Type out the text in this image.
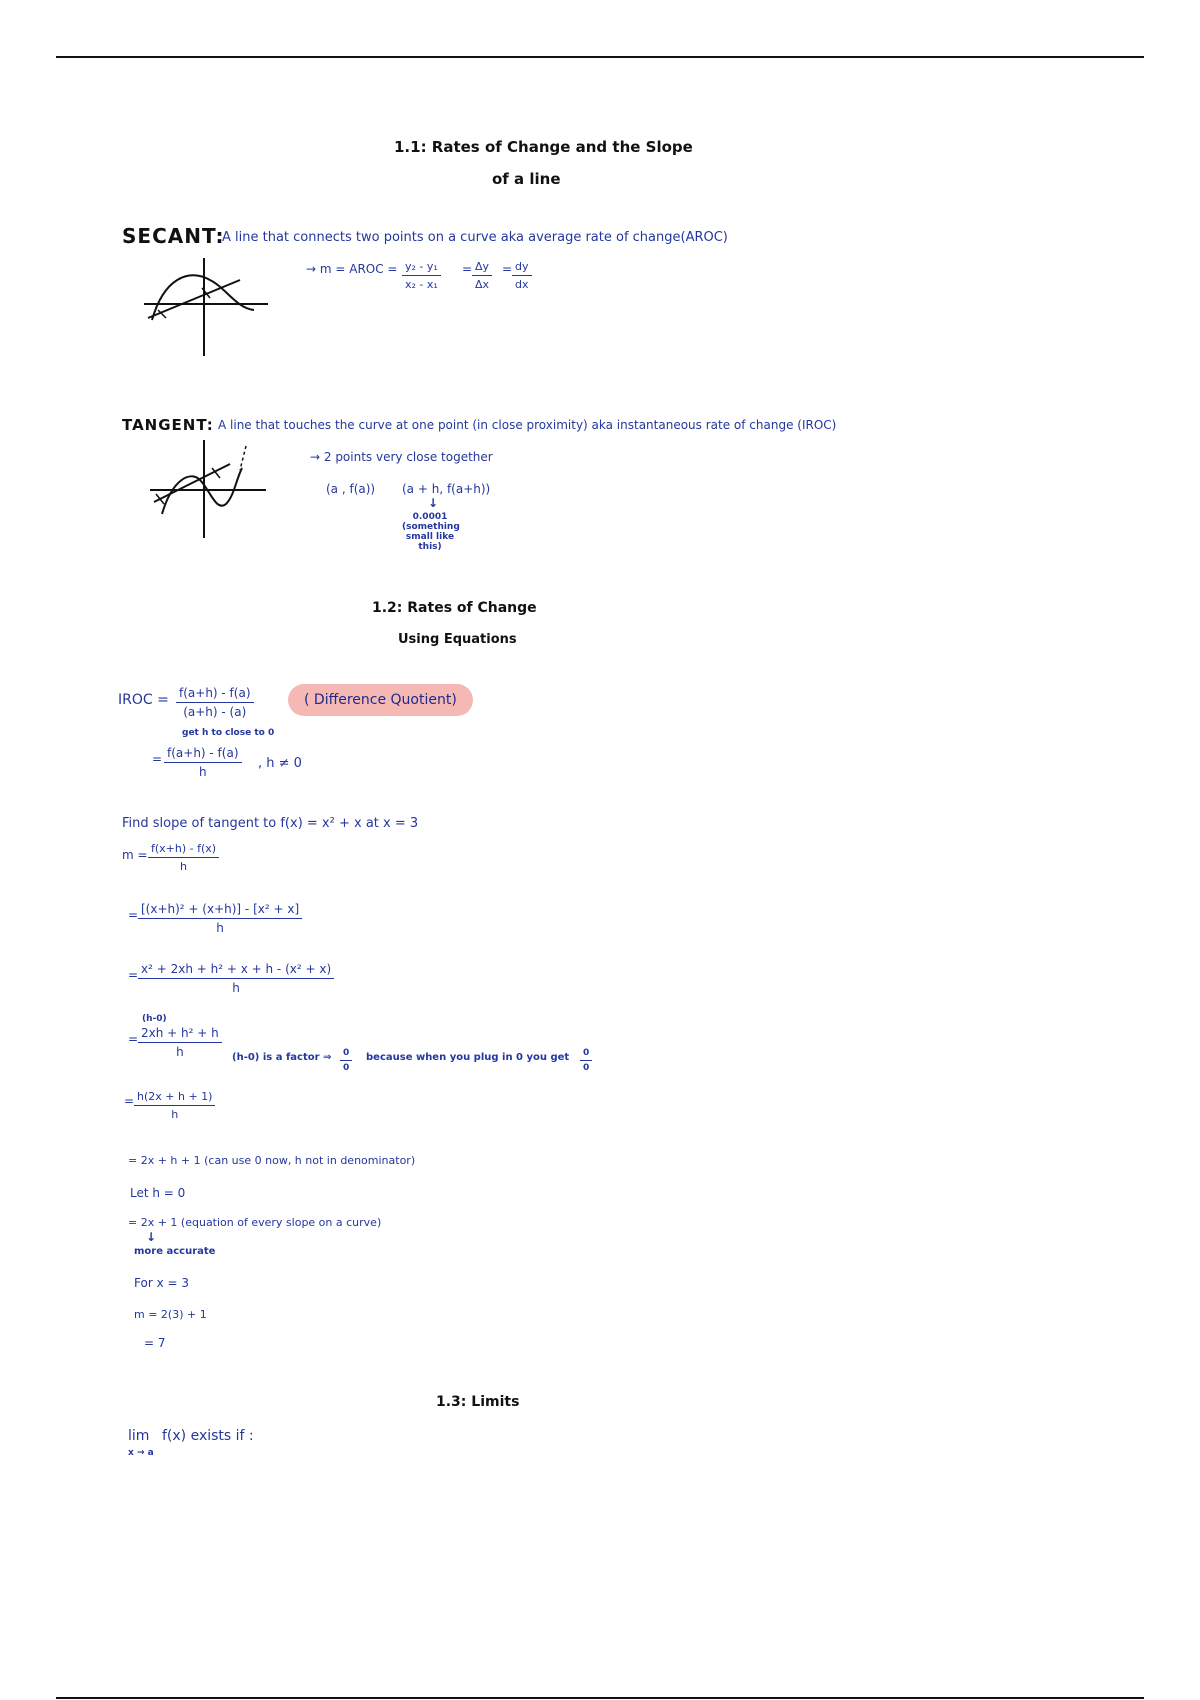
1.1: Rates of Change and the Slope
of a line
SECANT:
A line that connects two points on a curve aka average rate of change(AROC)
→ m = AROC = $\frac{\text{y₂ - y₁}}{\text{x₂ - x₁}} = \frac{\Delta y}{\Delta x} = \frac{dy}{dx}$
TANGENT: A line that touches the curve at one point (in close proximity) aka instantaneous rate of change (IROC)
→ 2 points very close together
(a , f(a)) (a + h, f(a+h))
↓
0.0001 (something small like this)
1.2: Rates of Change
Using Equations
IROC = $\frac{f(a+h) - f(a)}{(a+h) - (a)}$
get h to close to 0
( Difference Quotient)
= $\frac{f(a+h) - f(a)}{h}$ , h ≠ 0
Find slope of tangent to f(x) = x² + x at x = 3
$m = \frac{f(x+h) - f(x)}{h}$
= $\frac{\text{[(x+h)² + (x+h)] - [x² + x]}}{h}$
= $\frac{\text{x² + 2xh + h² + x + h - (x² + x)}}{h}$
(h-0)
= $\frac{\text{2xh + h² + h}}{h} (h-0)$ is a factor ⇒ $\frac{0}{0}$ because when you plug in 0 you get $\frac{0}{0}$
= $\frac{h(2x + h + 1)}{h}$
= 2x + h + 1 (can use 0 now, h not in denominator)
Let h = 0
= 2x + 1 (equation of every slope on a curve)
↓
more accurate
For x = 3
m = 2(3) + 1
= 7
1.3: Limits
lim
x → a
f(x) exists if :
